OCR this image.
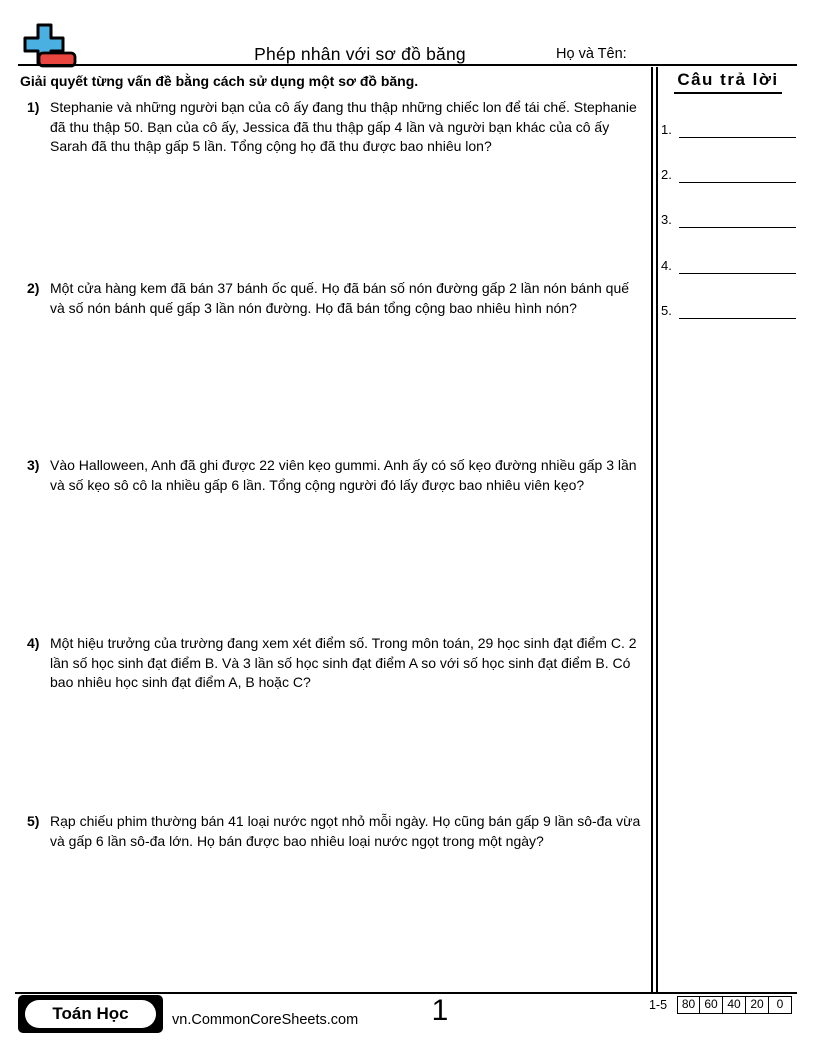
Phép nhân với sơ đồ băng	Họ và Tên:
Giải quyết từng vấn đề bằng cách sử dụng một sơ đồ băng.	Câu trả lời
1.
2.
3.
4.
5.
1) Stephanie và những người bạn của cô ấy đang thu thập những chiếc lon để tái chế. Stephanie đã thu thập 50. Bạn của cô ấy, Jessica đã thu thập gấp 4 lần và người bạn khác của cô ấy Sarah đã thu thập gấp 5 lần. Tổng cộng họ đã thu được bao nhiêu lon?
2) Một cửa hàng kem đã bán 37 bánh ốc quế. Họ đã bán số nón đường gấp 2 lần nón bánh quế và số nón bánh quế gấp 3 lần nón đường. Họ đã bán tổng cộng bao nhiêu hình nón?
3) Vào Halloween, Anh đã ghi được 22 viên kẹo gummi. Anh ấy có số kẹo đường nhiều gấp 3 lần và số kẹo sô cô la nhiều gấp 6 lần. Tổng cộng người đó lấy được bao nhiêu viên kẹo?
4) Một hiệu trưởng của trường đang xem xét điểm số. Trong môn toán, 29 học sinh đạt điểm C. 2 lần số học sinh đạt điểm B. Và 3 lần số học sinh đạt điểm A so với số học sinh đạt điểm B. Có bao nhiêu học sinh đạt điểm A, B hoặc C?
5) Rạp chiếu phim thường bán 41 loại nước ngọt nhỏ mỗi ngày. Họ cũng bán gấp 9 lần sô-đa vừa và gấp 6 lần sô-đa lớn. Họ bán được bao nhiêu loại nước ngọt trong một ngày?
Toán Học	vn.CommonCoreSheets.com	1	1-5	80 60 40 20	0
